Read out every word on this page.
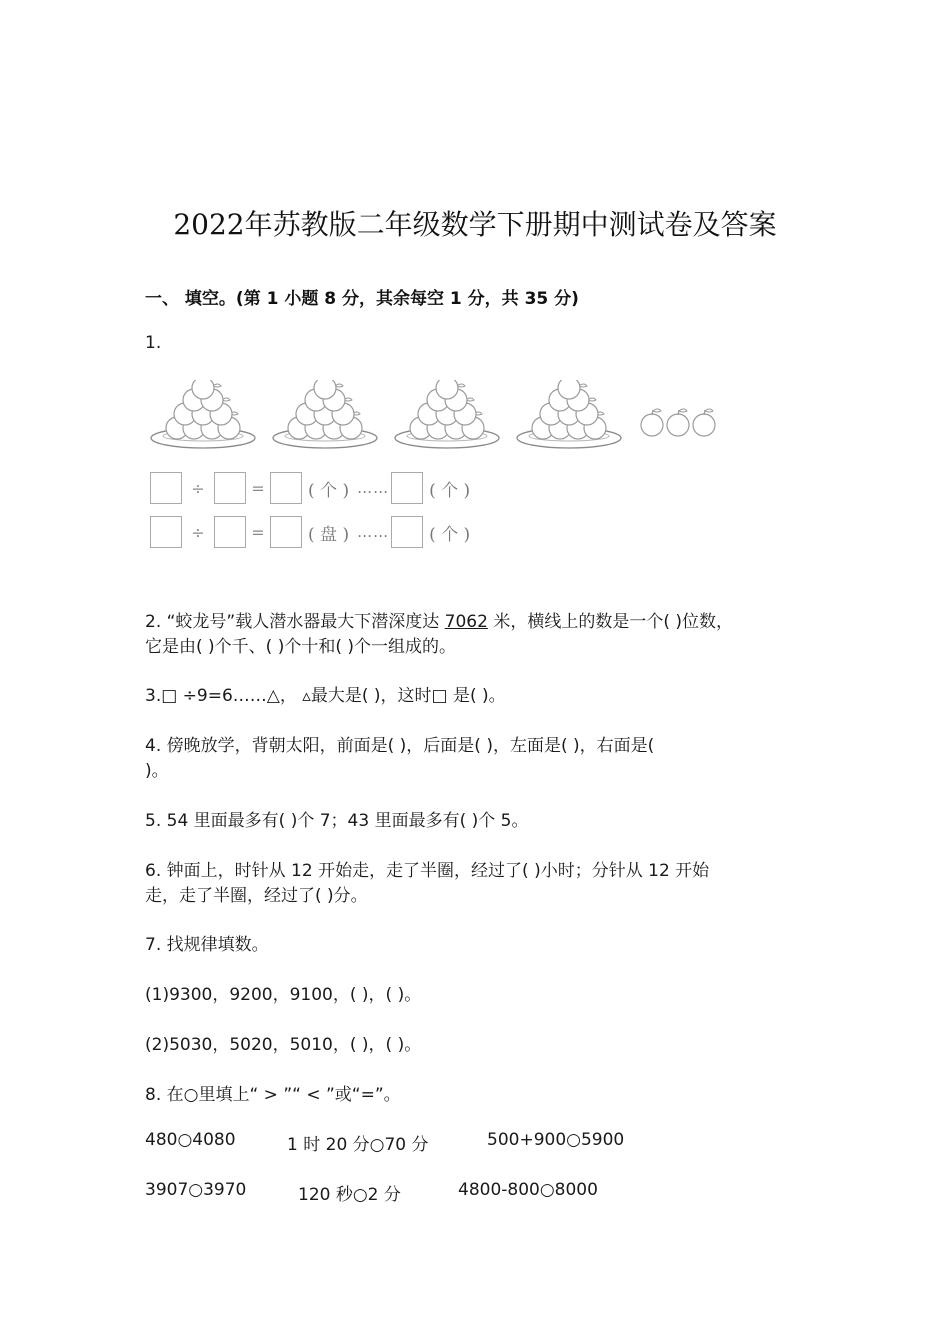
2022年苏教版二年级数学下册期中测试卷及答案
一、 填空。(第 1 小题 8 分，其余每空 1 分，共 35 分)
1.
÷	=	( 个 ) ……	( 个 )
÷	=	( 盘 ) ……	( 个 )
2. “蛟龙号”载人潜水器最大下潜深度达 7062 米，横线上的数是一个( )位数，
它是由( )个千、( )个十和( )个一组成的。
3.□ ÷9=6……△， ▵最大是( )，这时□ 是( )。
4. 傍晚放学，背朝太阳，前面是( )，后面是( )，左面是( )，右面是(
)。
5. 54 里面最多有( )个 7；43 里面最多有( )个 5。
6. 钟面上，时针从 12 开始走，走了半圈，经过了( )小时；分针从 12 开始
走，走了半圈，经过了( )分。
7. 找规律填数。
(1)9300，9200，9100，( )，( )。
(2)5030，5020，5010，( )，( )。
8. 在○里填上“ > ”“ < ”或“=”。
480○4080	1 时 20 分○70 分	500+900○5900
3907○3970	120 秒○2 分	4800-800○8000
